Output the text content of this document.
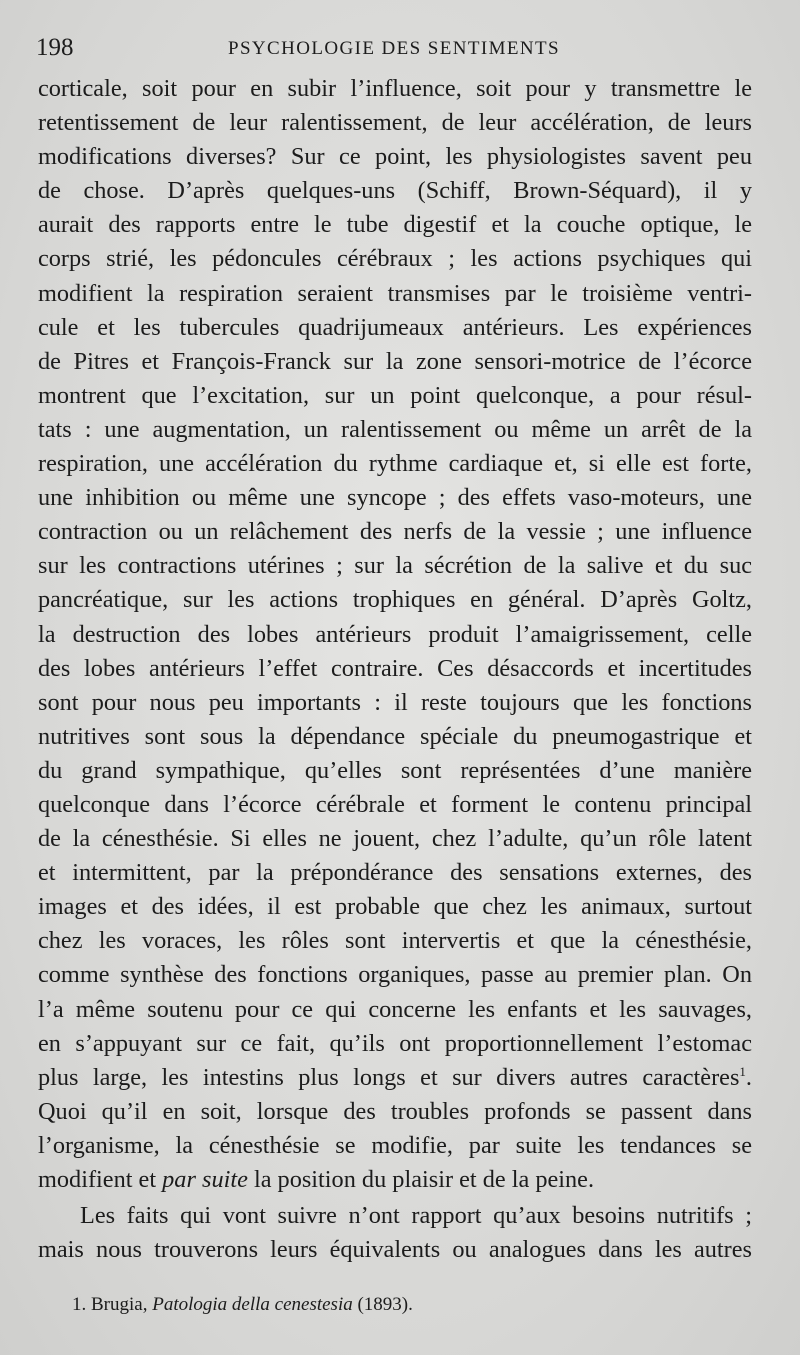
198	PSYCHOLOGIE DES SENTIMENTS
corticale, soit pour en subir l’influence, soit pour y transmettre le
retentissement de leur ralentissement, de leur accélération, de leurs
modifications diverses? Sur ce point, les physiologistes savent peu
de chose. D’après quelques-uns (Schiff, Brown-Séquard), il y
aurait des rapports entre le tube digestif et la couche optique, le
corps strié, les pédoncules cérébraux ; les actions psychiques qui
modifient la respiration seraient transmises par le troisième ventri-
cule et les tubercules quadrijumeaux antérieurs. Les expériences
de Pitres et François-Franck sur la zone sensori-motrice de l’écorce
montrent que l’excitation, sur un point quelconque, a pour résul-
tats : une augmentation, un ralentissement ou même un arrêt de la
respiration, une accélération du rythme cardiaque et, si elle est forte,
une inhibition ou même une syncope ; des effets vaso-moteurs, une
contraction ou un relâchement des nerfs de la vessie ; une influence
sur les contractions utérines ; sur la sécrétion de la salive et du suc
pancréatique, sur les actions trophiques en général. D’après Goltz,
la destruction des lobes antérieurs produit l’amaigrissement, celle
des lobes antérieurs l’effet contraire. Ces désaccords et incertitudes
sont pour nous peu importants : il reste toujours que les fonctions
nutritives sont sous la dépendance spéciale du pneumogastrique et
du grand sympathique, qu’elles sont représentées d’une manière
quelconque dans l’écorce cérébrale et forment le contenu principal
de la cénesthésie. Si elles ne jouent, chez l’adulte, qu’un rôle latent
et intermittent, par la prépondérance des sensations externes, des
images et des idées, il est probable que chez les animaux, surtout
chez les voraces, les rôles sont intervertis et que la cénesthésie,
comme synthèse des fonctions organiques, passe au premier plan. On
l’a même soutenu pour ce qui concerne les enfants et les sauvages,
en s’appuyant sur ce fait, qu’ils ont proportionnellement l’estomac
plus large, les intestins plus longs et sur divers autres caractères$^1$.
Quoi qu’il en soit, lorsque des troubles profonds se passent dans
l’organisme, la cénesthésie se modifie, par suite les tendances se
modifient et par suite la position du plaisir et de la peine.
Les faits qui vont suivre n’ont rapport qu’aux besoins nutritifs ;
mais nous trouverons leurs équivalents ou analogues dans les autres
1. Brugia, Patologia della cenestesia (1893).
